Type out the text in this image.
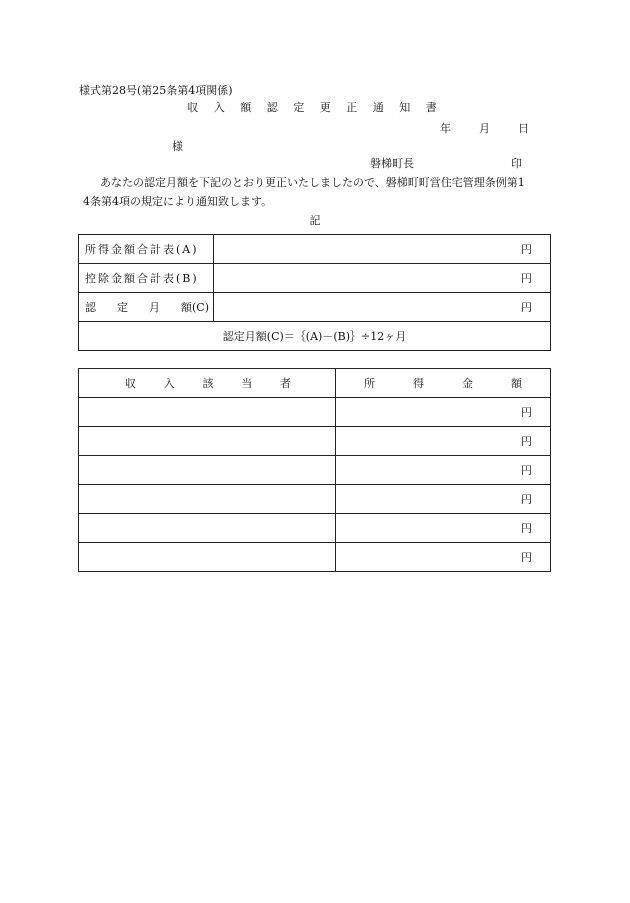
様式第28号(第25条第4項関係)
収 入 額 認 定 更 正 通 知 書
年	月	日
様
磐梯町長	印
あなたの認定月額を下記のとおり更正いたしましたので、磐梯町町営住宅管理条例第1
4条第4項の規定により通知致します。
記
所得金額合計表(A)	円
控除金額合計表(B)	円

認 定 月 額(C)	円
認定月額(C)＝｛(A)－(B)｝÷12ヶ月	
収 入 該 当 者	所 得 金 額

	円
	円
	円
	円
	円
	円
